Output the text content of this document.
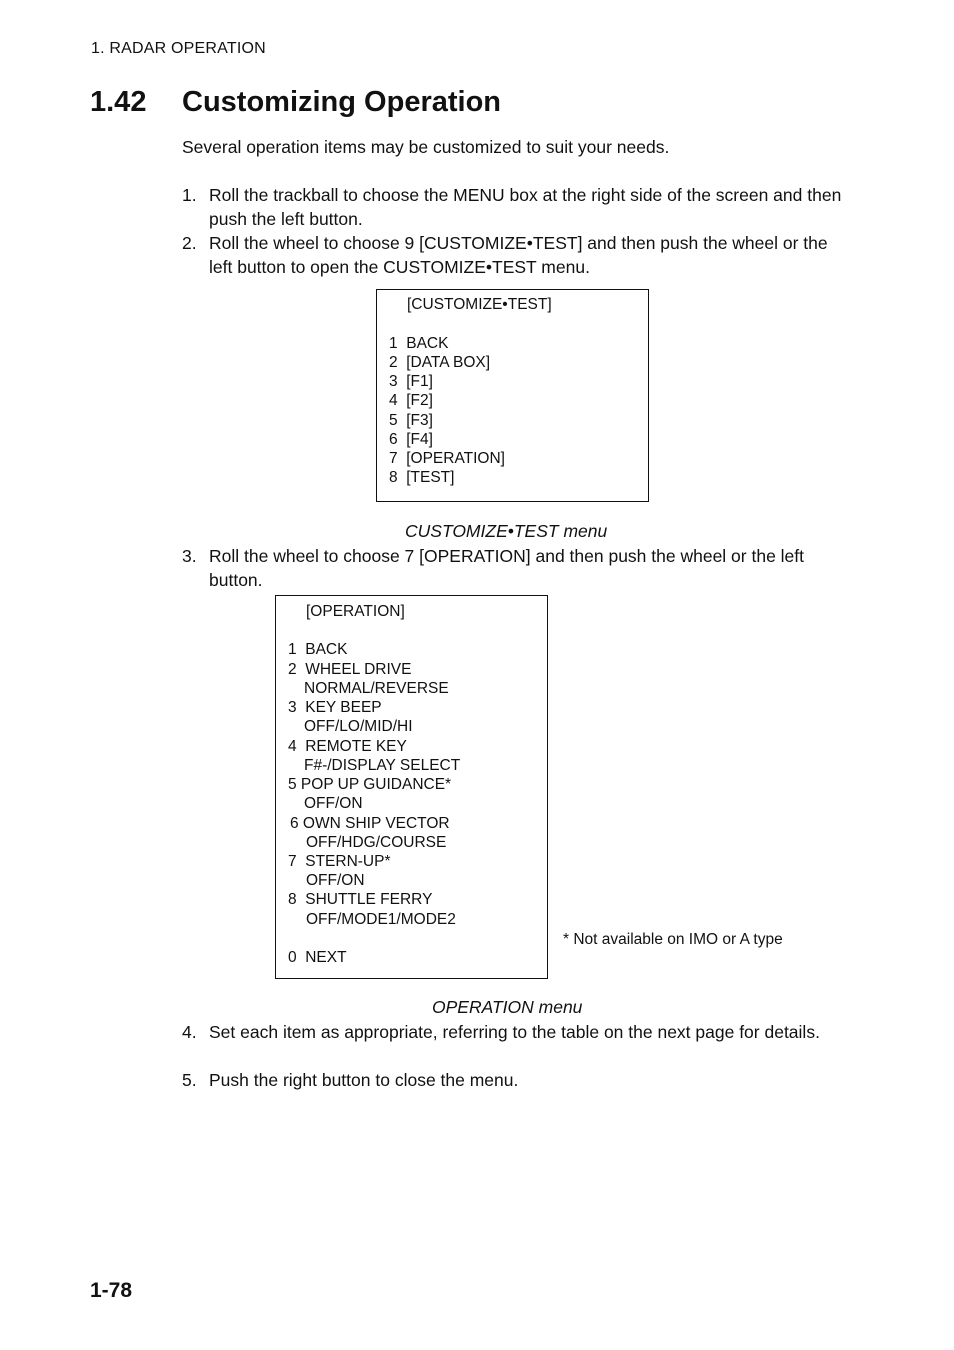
1. RADAR OPERATION
1.42 Customizing Operation
Several operation items may be customized to suit your needs.
1. Roll the trackball to choose the MENU box at the right side of the screen and then push the left button.
2. Roll the wheel to choose 9 [CUSTOMIZE•TEST] and then push the wheel or the left button to open the CUSTOMIZE•TEST menu.
[CUSTOMIZE•TEST]
1  BACK
2  [DATA BOX]
3  [F1]
4  [F2]
5  [F3]
6  [F4]
7  [OPERATION]
8  [TEST]
CUSTOMIZE•TEST menu
3. Roll the wheel to choose 7 [OPERATION] and then push the wheel or the left button.
[OPERATION]
1  BACK
2  WHEEL DRIVE
NORMAL/REVERSE
3  KEY BEEP
OFF/LO/MID/HI
4  REMOTE KEY
F#-/DISPLAY SELECT
5 POP UP GUIDANCE*
OFF/ON
6 OWN SHIP VECTOR
OFF/HDG/COURSE
7  STERN-UP*
OFF/ON
8  SHUTTLE FERRY
OFF/MODE1/MODE2
0  NEXT
* Not available on IMO or A type
OPERATION menu
4. Set each item as appropriate, referring to the table on the next page for details.
5. Push the right button to close the menu.
1-78
